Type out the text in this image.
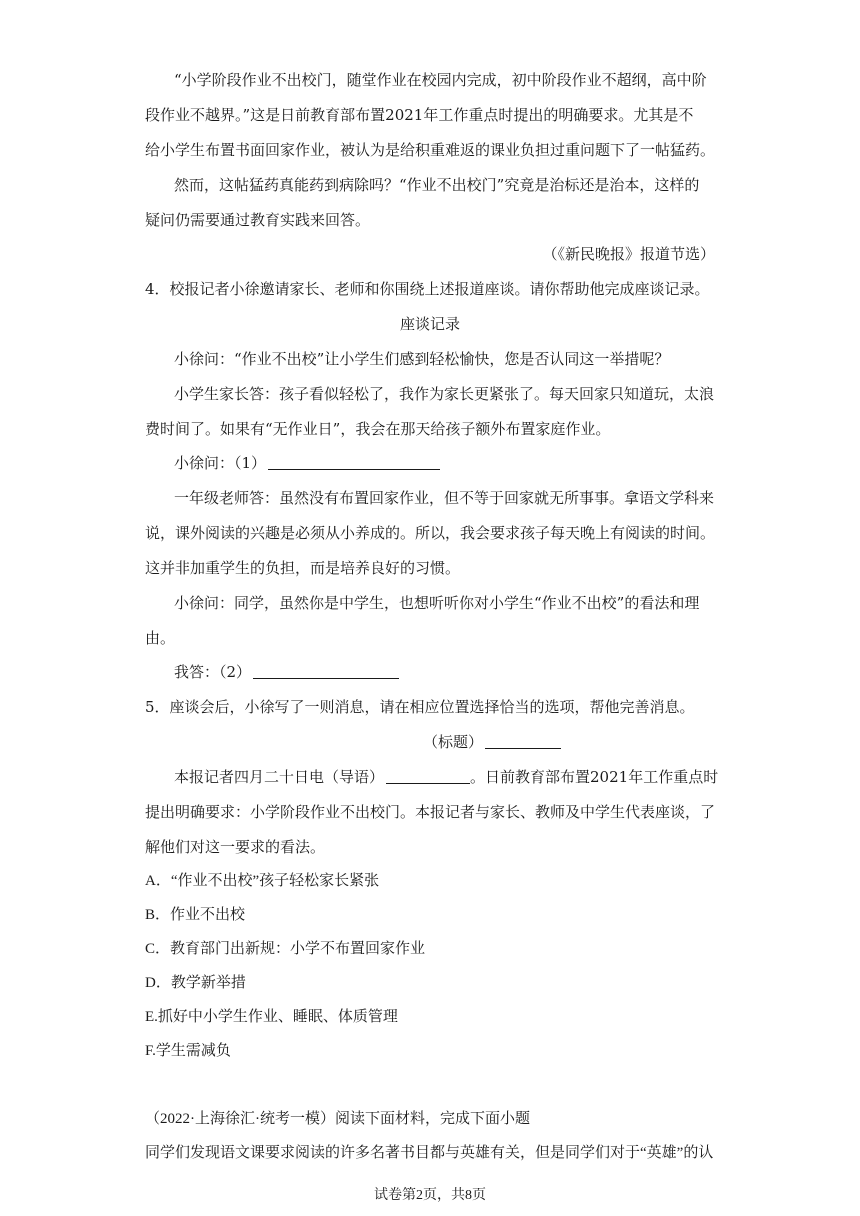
“小学阶段作业不出校门，随堂作业在校园内完成，初中阶段作业不超纲，高中阶
段作业不越界。”这是日前教育部布置2021年工作重点时提出的明确要求。尤其是不
给小学生布置书面回家作业，被认为是给积重难返的课业负担过重问题下了一帖猛药。
然而，这帖猛药真能药到病除吗？“作业不出校门”究竟是治标还是治本，这样的
疑问仍需要通过教育实践来回答。
（《新民晚报》报道节选）
4．校报记者小徐邀请家长、老师和你围绕上述报道座谈。请你帮助他完成座谈记录。
座谈记录
小徐问：“作业不出校”让小学生们感到轻松愉快，您是否认同这一举措呢？
小学生家长答：孩子看似轻松了，我作为家长更紧张了。每天回家只知道玩，太浪
费时间了。如果有“无作业日”，我会在那天给孩子额外布置家庭作业。
小徐问：（1）
一年级老师答：虽然没有布置回家作业，但不等于回家就无所事事。拿语文学科来
说，课外阅读的兴趣是必须从小养成的。所以，我会要求孩子每天晚上有阅读的时间。
这并非加重学生的负担，而是培养良好的习惯。
小徐问：同学，虽然你是中学生，也想听听你对小学生“作业不出校”的看法和理
由。
我答：（2）
5．座谈会后，小徐写了一则消息，请在相应位置选择恰当的选项，帮他完善消息。
（标题）
本报记者四月二十日电（导语）	。日前教育部布置2021年工作重点时
提出明确要求：小学阶段作业不出校门。本报记者与家长、教师及中学生代表座谈，了
解他们对这一要求的看法。
A．“作业不出校”孩子轻松家长紧张
B．作业不出校
C．教育部门出新规：小学不布置回家作业
D．教学新举措
E.抓好中小学生作业、睡眠、体质管理
F.学生需减负
（2022·上海徐汇·统考一模）阅读下面材料，完成下面小题
同学们发现语文课要求阅读的许多名著书目都与英雄有关，但是同学们对于“英雄”的认
试卷第2页，共8页
